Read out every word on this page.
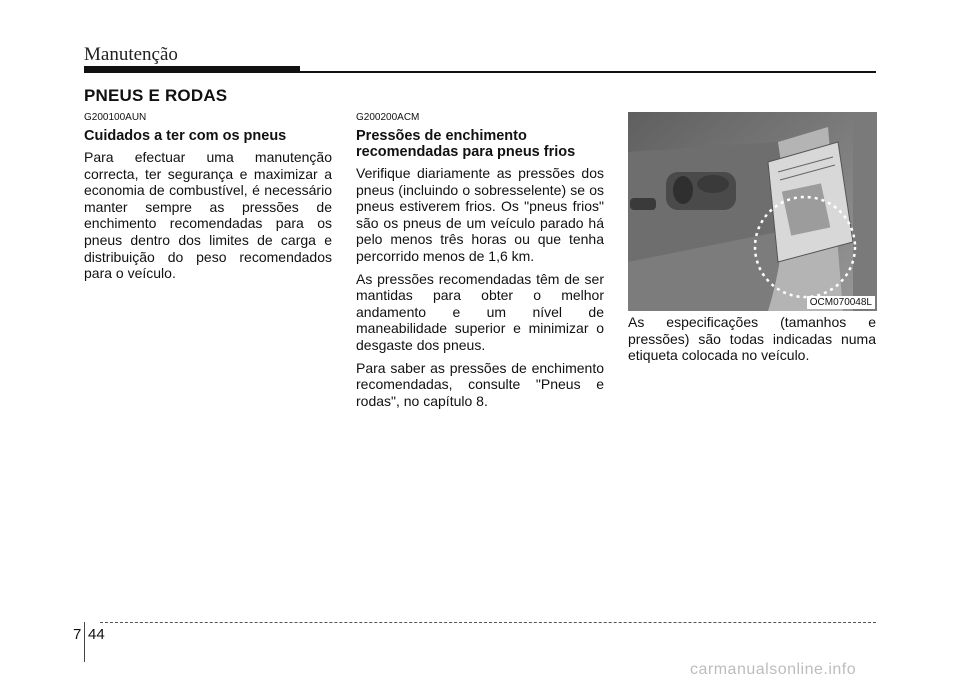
Manutenção
PNEUS E RODAS
G200100AUN
Cuidados a ter com os pneus

Para efectuar uma manutenção correcta, ter segurança e maximizar a economia de combustível, é necessário manter sempre as pressões de enchimento recomendadas para os pneus dentro dos limites de carga e distribuição do peso recomendados para o veículo.

G200200ACM
Pressões de enchimento recomendadas para pneus frios

Verifique diariamente as pressões dos pneus (incluindo o sobresselente) se os pneus estiverem frios. Os "pneus frios" são os pneus de um veículo parado há pelo menos três horas ou que tenha percorrido menos de 1,6 km.

As pressões recomendadas têm de ser mantidas para obter o melhor andamento e um nível de maneabilidade superior e minimizar o desgaste dos pneus.

Para saber as pressões de enchimento recomendadas, consulte "Pneus e rodas", no capítulo 8.

OCM070048L

As especificações (tamanhos e pressões) são todas indicadas numa etiqueta colocada no veículo.

7 44
carmanualsonline.info
